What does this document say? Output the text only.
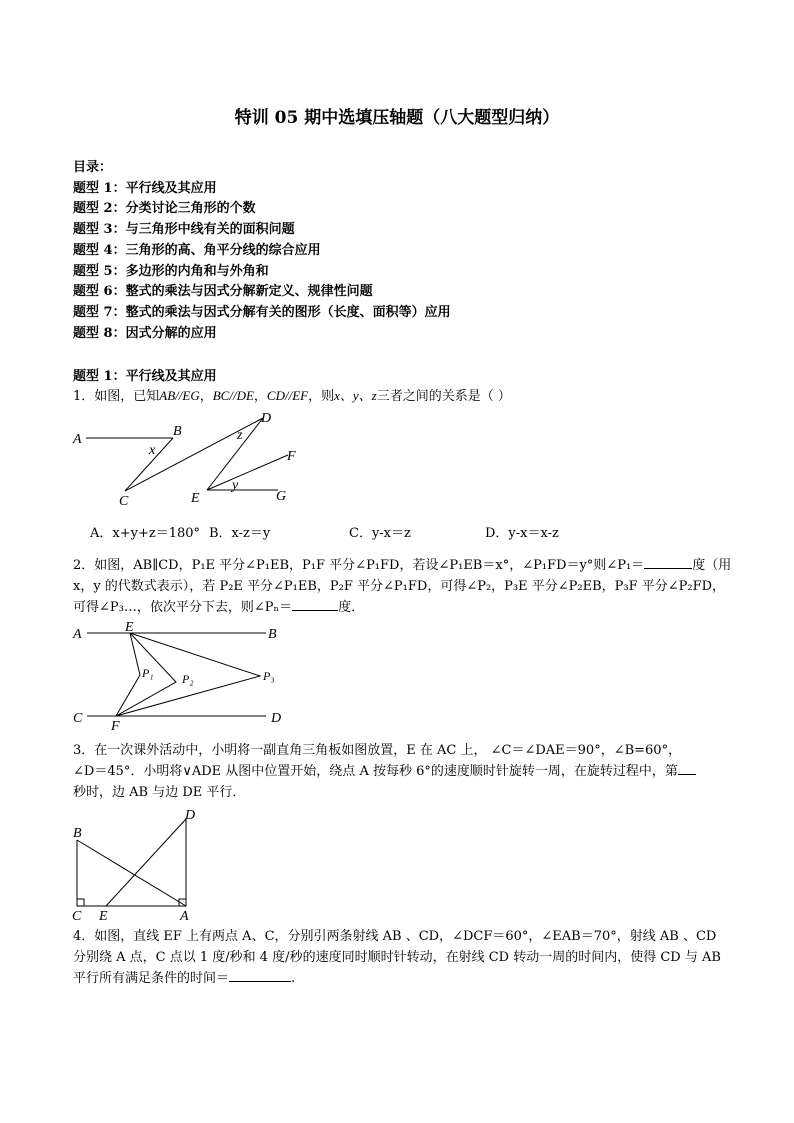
特训 05 期中选填压轴题（八大题型归纳）
目录：
题型 1：平行线及其应用
题型 2：分类讨论三角形的个数
题型 3：与三角形中线有关的面积问题
题型 4：三角形的高、角平分线的综合应用
题型 5：多边形的内角和与外角和
题型 6：整式的乘法与因式分解新定义、规律性问题
题型 7：整式的乘法与因式分解有关的图形（长度、面积等）应用
题型 8：因式分解的应用
题型 1：平行线及其应用
1．如图，已知AB//EG，BC//DE，CD//EF，则x、y、z三者之间的关系是（ ）
A
B
C
D
E
F
G
x
y
z
A．x+y+z＝180° B．x-z＝y	C．y-x＝z	D．y-x＝x-z
2．如图，AB∥CD，P₁E 平分∠P₁EB，P₁F 平分∠P₁FD，若设∠P₁EB＝x°，∠P₁FD＝y°则∠P₁＝	度（用
x，y 的代数式表示），若 P₂E 平分∠P₁EB，P₂F 平分∠P₁FD，可得∠P₂，P₃E 平分∠P₂EB，P₃F 平分∠P₂FD，
可得∠P₃…，依次平分下去，则∠Pₙ＝	度．
A	B
C	D
E
F
P₁ P₂	P₃
3．在一次课外活动中，小明将一副直角三角板如图放置，E 在 AC 上， ∠C＝∠DAE＝90°，∠B=60°，
∠D＝45°．小明将∨ADE 从图中位置开始，绕点 A 按每秒 6°的速度顺时针旋转一周，在旋转过程中，第
秒时，边 AB 与边 DE 平行．
B
D
C E	A
4．如图，直线 EF 上有两点 A、C，分别引两条射线 AB 、CD，∠DCF＝60°，∠EAB＝70°，射线 AB 、CD
分别绕 A 点，C 点以 1 度/秒和 4 度/秒的速度同时顺时针转动，在射线 CD 转动一周的时间内，使得 CD 与 AB
平行所有满足条件的时间＝	.
